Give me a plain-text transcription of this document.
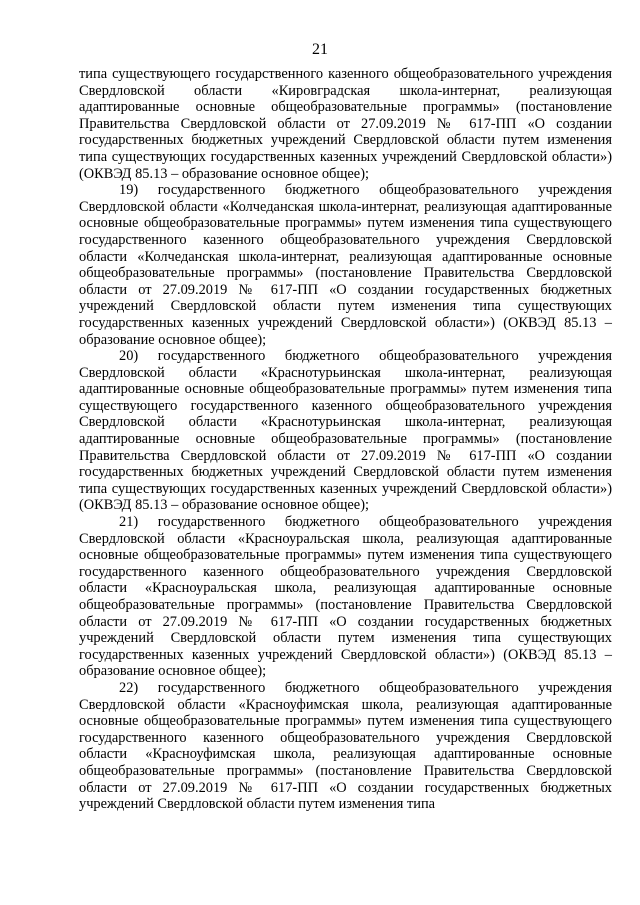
21

типа существующего государственного казенного общеобразовательного учреждения Свердловской области «Кировградская школа-интернат, реализующая адаптированные основные общеобразовательные программы» (постановление Правительства Свердловской области от 27.09.2019 № 617-ПП «О создании государственных бюджетных учреждений Свердловской области путем изменения типа существующих государственных казенных учреждений Свердловской области») (ОКВЭД 85.13 – образование основное общее);

19) государственного бюджетного общеобразовательного учреждения Свердловской области «Колчеданская школа-интернат, реализующая адаптированные основные общеобразовательные программы» путем изменения типа существующего государственного казенного общеобразовательного учреждения Свердловской области «Колчеданская школа-интернат, реализующая адаптированные основные общеобразовательные программы» (постановление Правительства Свердловской области от 27.09.2019 № 617-ПП «О создании государственных бюджетных учреждений Свердловской области путем изменения типа существующих государственных казенных учреждений Свердловской области») (ОКВЭД 85.13 – образование основное общее);

20) государственного бюджетного общеобразовательного учреждения Свердловской области «Краснотурьинская школа-интернат, реализующая адаптированные основные общеобразовательные программы» путем изменения типа существующего государственного казенного общеобразовательного учреждения Свердловской области «Краснотурьинская школа-интернат, реализующая адаптированные основные общеобразовательные программы» (постановление Правительства Свердловской области от 27.09.2019 № 617-ПП «О создании государственных бюджетных учреждений Свердловской области путем изменения типа существующих государственных казенных учреждений Свердловской области») (ОКВЭД 85.13 – образование основное общее);

21) государственного бюджетного общеобразовательного учреждения Свердловской области «Красноуральская школа, реализующая адаптированные основные общеобразовательные программы» путем изменения типа существующего государственного казенного общеобразовательного учреждения Свердловской области «Красноуральская школа, реализующая адаптированные основные общеобразовательные программы» (постановление Правительства Свердловской области от 27.09.2019 № 617-ПП «О создании государственных бюджетных учреждений Свердловской области путем изменения типа существующих государственных казенных учреждений Свердловской области») (ОКВЭД 85.13 – образование основное общее);

22) государственного бюджетного общеобразовательного учреждения Свердловской области «Красноуфимская школа, реализующая адаптированные основные общеобразовательные программы» путем изменения типа существующего государственного казенного общеобразовательного учреждения Свердловской области «Красноуфимская школа, реализующая адаптированные основные общеобразовательные программы» (постановление Правительства Свердловской области от 27.09.2019 № 617-ПП «О создании государственных бюджетных учреждений Свердловской области путем изменения типа
